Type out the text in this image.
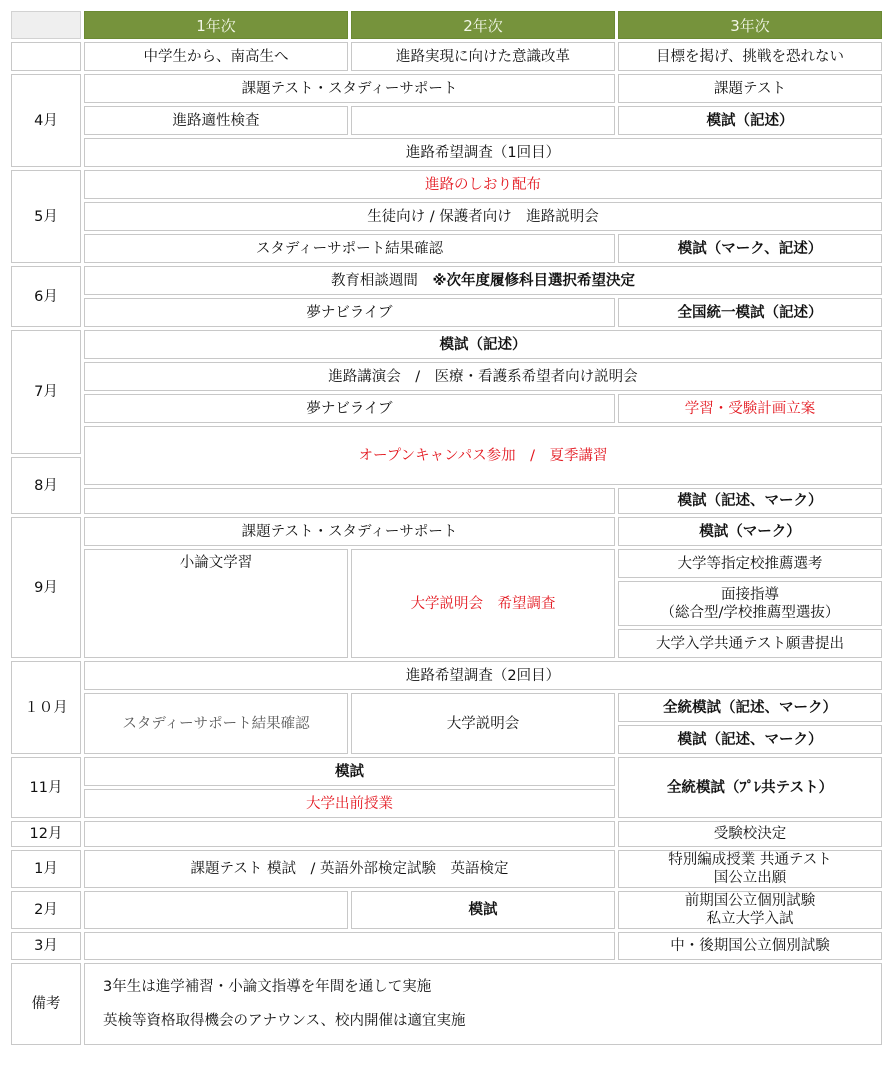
	1年次	2年次	3年次
	中学生から、南高生へ	進路実現に向けた意識改革	目標を掲げ、挑戦を恐れない
4月	課題テスト・スタディーサポート		課題テスト
	進路適性検査		模試（記述）
	進路希望調査（1回目）		
5月	進路のしおり配布		
	生徒向け / 保護者向け　進路説明会		
	スタディーサポート結果確認		模試（マーク、記述）
6月	教育相談週間　※次年度履修科目選択希望決定		
	夢ナビライブ		全国統一模試（記述）
7月	模試（記述）		
	進路講演会　/　医療・看護系希望者向け説明会		
	夢ナビライブ		学習・受験計画立案
	オープンキャンパス参加　/　夏季講習		
8月			
			模試（記述、マーク）
9月	課題テスト・スタディーサポート		模試（マーク）
	小論文学習	大学説明会　希望調査	大学等指定校推薦選考

			面接指導
（総合型/学校推薦型選抜）

			大学入学共通テスト願書提出
１０月	進路希望調査（2回目）		
	スタディーサポート結果確認	大学説明会	全統模試（記述、マーク）
			模試（記述、マーク）
11月	模試		全統模試（ﾌﾟﾚ共テスト）
	大学出前授業		
12月			受験校決定
1月	課題テスト 模試　/ 英語外部検定試験　英語検定		特別編成授業 共通テスト
国公立出願

2月		模試	前期国公立個別試験
私立大学入試

3月			中・後期国公立個別試験
備考	3年生は進学補習・小論文指導を年間を通して実施
英検等資格取得機会のアナウンス、校内開催は適宜実施		
